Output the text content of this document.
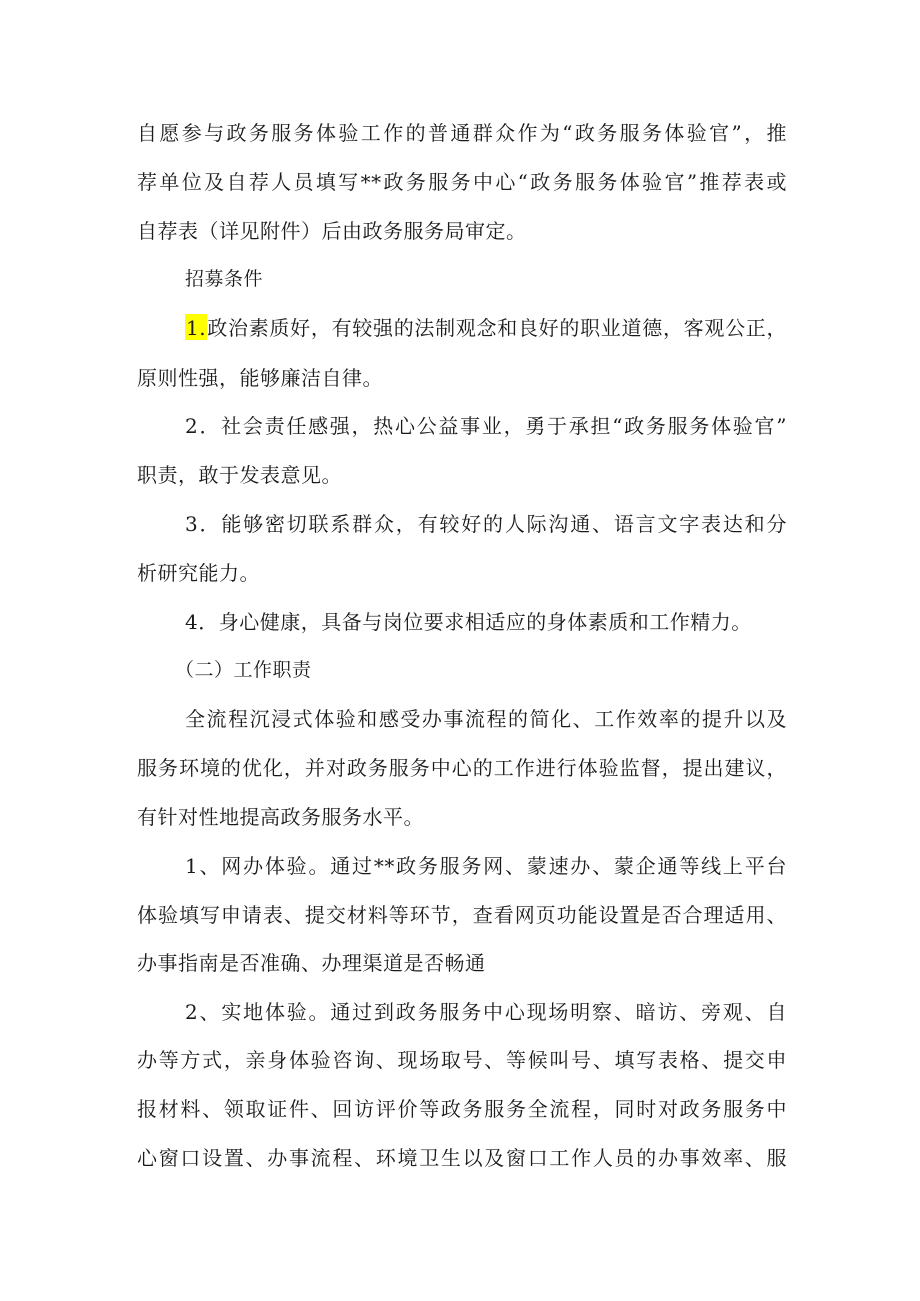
自愿参与政务服务体验工作的普通群众作为“政务服务体验官”，推
荐单位及自荐人员填写**政务服务中心“政务服务体验官”推荐表或
自荐表（详见附件）后由政务服务局审定。
招募条件
1.政治素质好，有较强的法制观念和良好的职业道德，客观公正，
原则性强，能够廉洁自律。
2．社会责任感强，热心公益事业，勇于承担“政务服务体验官”
职责，敢于发表意见。
3．能够密切联系群众，有较好的人际沟通、语言文字表达和分
析研究能力。
4．身心健康，具备与岗位要求相适应的身体素质和工作精力。
（二）工作职责
全流程沉浸式体验和感受办事流程的简化、工作效率的提升以及
服务环境的优化，并对政务服务中心的工作进行体验监督，提出建议，
有针对性地提高政务服务水平。
1、网办体验。通过**政务服务网、蒙速办、蒙企通等线上平台
体验填写申请表、提交材料等环节，查看网页功能设置是否合理适用、
办事指南是否准确、办理渠道是否畅通
2、实地体验。通过到政务服务中心现场明察、暗访、旁观、自
办等方式，亲身体验咨询、现场取号、等候叫号、填写表格、提交申
报材料、领取证件、回访评价等政务服务全流程，同时对政务服务中
心窗口设置、办事流程、环境卫生以及窗口工作人员的办事效率、服
